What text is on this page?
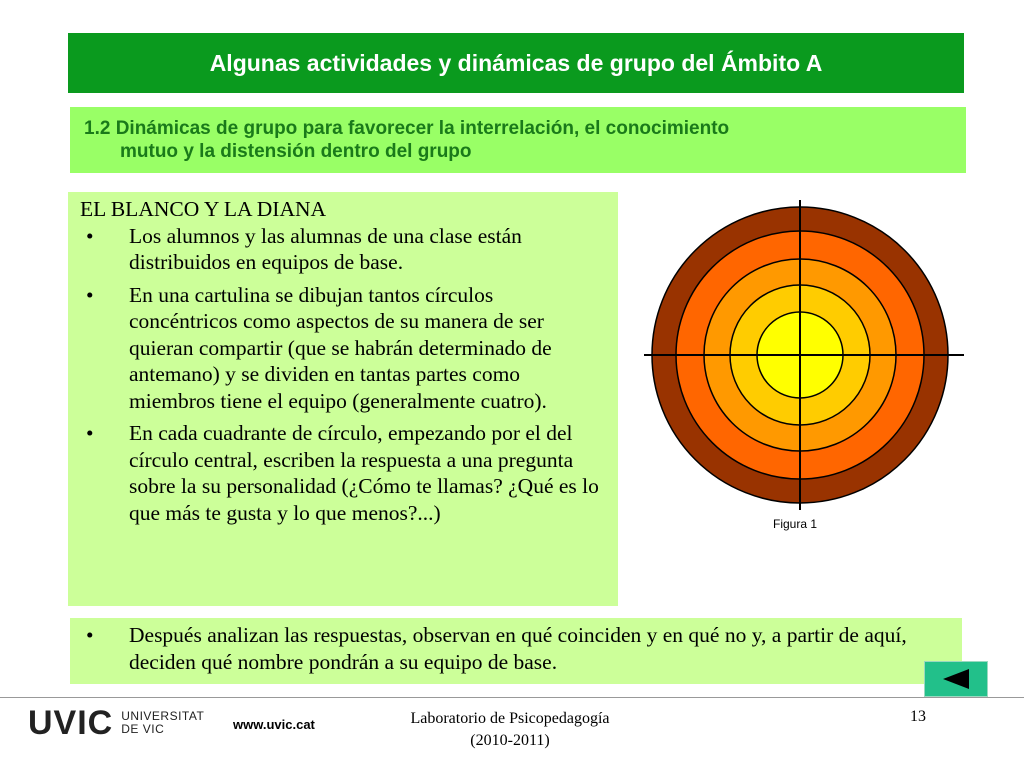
Algunas actividades y dinámicas de grupo del Ámbito A
1.2 Dinámicas de grupo para favorecer la interrelación, el conocimiento
mutuo y la distensión dentro del grupo
EL BLANCO Y LA DIANA
• Los alumnos y las alumnas de una clase están distribuidos en equipos de base.
• En una cartulina se dibujan tantos círculos concéntricos como aspectos de su manera de ser quieran compartir (que se habrán determinado de antemano) y se dividen en tantas partes como miembros tiene el equipo (generalmente cuatro).
• En cada cuadrante de círculo, empezando por el del círculo central, escriben la respuesta a una pregunta sobre la su personalidad (¿Cómo te llamas? ¿Qué es lo que más te gusta y lo que menos?...)	Figura 1
•	Después analizan las respuestas, observan en qué coinciden y en qué no y, a partir de aquí, deciden qué nombre pondrán a su equipo de base.
UVIC UNIVERSITAT
DE VIC	www.uvic.cat	Laboratorio de Psicopedagogía
(2010-2011)
13
